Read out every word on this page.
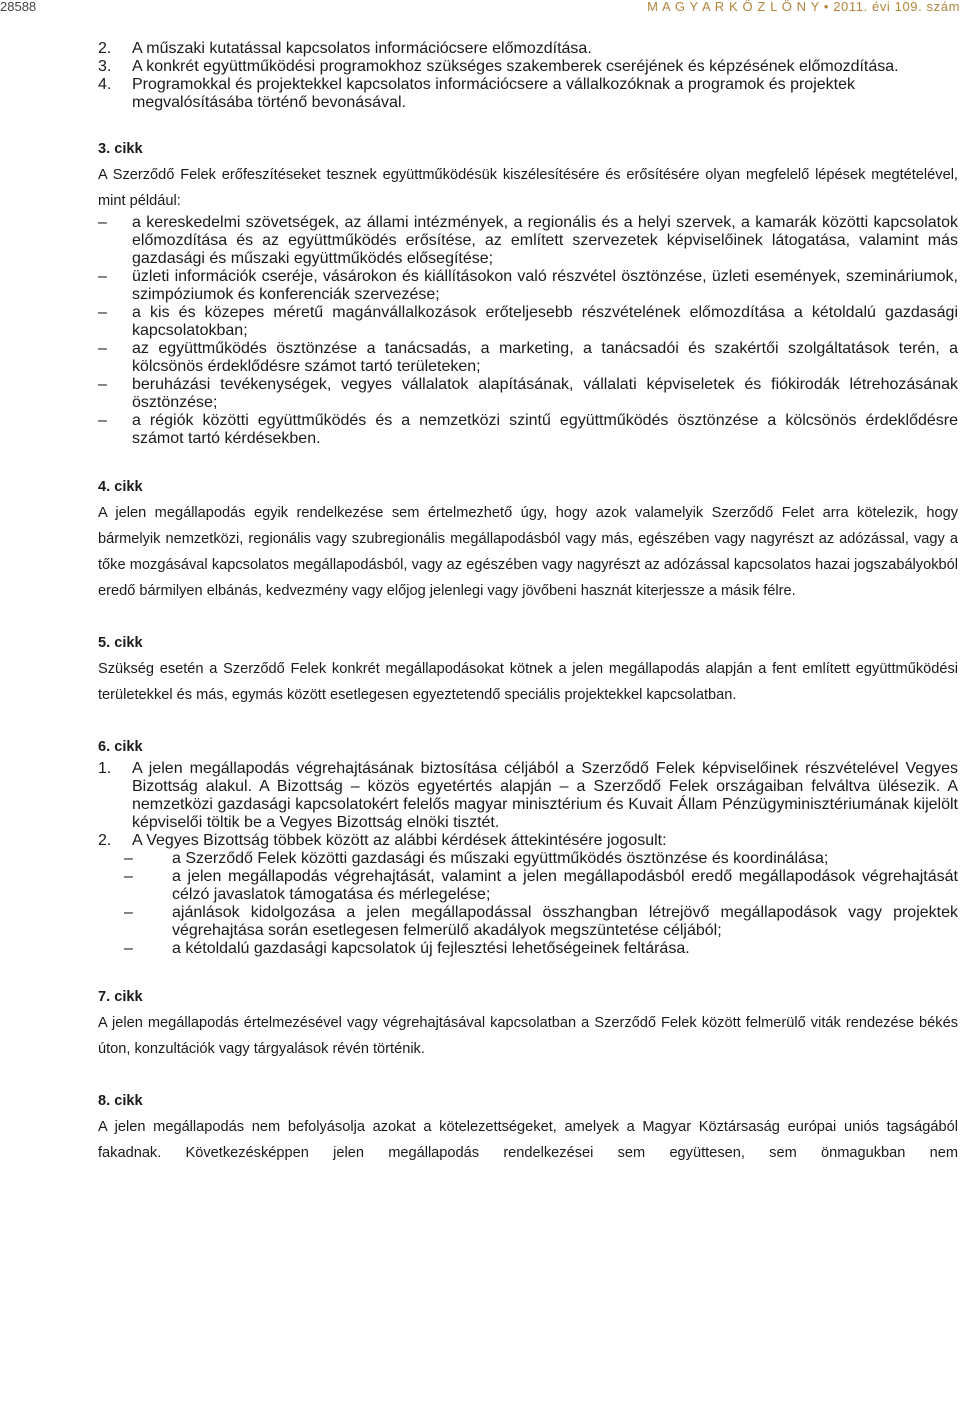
28588	M A G Y A R K Ö Z L Ö N Y • 2011. évi 109. szám
2.	A műszaki kutatással kapcsolatos információcsere előmozdítása.
3.	A konkrét együttműködési programokhoz szükséges szakemberek cseréjének és képzésének előmozdítása.
4.	Programokkal és projektekkel kapcsolatos információcsere a vállalkozóknak a programok és projektek megvalósításába történő bevonásával.

3. cikk

A Szerződő Felek erőfeszítéseket tesznek együttműködésük kiszélesítésére és erősítésére olyan megfelelő lépések megtételével, mint például:

–
a kereskedelmi szövetségek, az állami intézmények, a regionális és a helyi szervek, a kamarák közötti kapcsolatok előmozdítása és az együttműködés erősítése, az említett szervezetek képviselőinek látogatása, valamint más gazdasági és műszaki együttműködés elősegítése;
–
üzleti információk cseréje, vásárokon és kiállításokon való részvétel ösztönzése, üzleti események, szemináriumok, szimpóziumok és konferenciák szervezése;
–
a kis és közepes méretű magánvállalkozások erőteljesebb részvételének előmozdítása a kétoldalú gazdasági kapcsolatokban;
–
az együttműködés ösztönzése a tanácsadás, a marketing, a tanácsadói és szakértői szolgáltatások terén, a kölcsönös érdeklődésre számot tartó területeken;
–
beruházási tevékenységek, vegyes vállalatok alapításának, vállalati képviseletek és fiókirodák létrehozásának ösztönzése;
–
a régiók közötti együttműködés és a nemzetközi szintű együttműködés ösztönzése a kölcsönös érdeklődésre számot tartó kérdésekben.

4. cikk

A jelen megállapodás egyik rendelkezése sem értelmezhető úgy, hogy azok valamelyik Szerződő Felet arra kötelezik, hogy bármelyik nemzetközi, regionális vagy szubregionális megállapodásból vagy más, egészében vagy nagyrészt az adózással, vagy a tőke mozgásával kapcsolatos megállapodásból, vagy az egészében vagy nagyrészt az adózással kapcsolatos hazai jogszabályokból eredő bármilyen elbánás, kedvezmény vagy előjog jelenlegi vagy jövőbeni hasznát kiterjessze a másik félre.

5. cikk

Szükség esetén a Szerződő Felek konkrét megállapodásokat kötnek a jelen megállapodás alapján a fent említett együttműködési területekkel és más, egymás között esetlegesen egyeztetendő speciális projektekkel kapcsolatban.

6. cikk

1.	A jelen megállapodás végrehajtásának biztosítása céljából a Szerződő Felek képviselőinek részvételével Vegyes Bizottság alakul. A Bizottság – közös egyetértés alapján – a Szerződő Felek országaiban felváltva ülésezik. A nemzetközi gazdasági kapcsolatokért felelős magyar minisztérium és Kuvait Állam Pénzügyminisztériumának kijelölt képviselői töltik be a Vegyes Bizottság elnöki tisztét.
2.	A Vegyes Bizottság többek között az alábbi kérdések áttekintésére jogosult:
–
a Szerződő Felek közötti gazdasági és műszaki együttműködés ösztönzése és koordinálása;
–
a jelen megállapodás végrehajtását, valamint a jelen megállapodásból eredő megállapodások végrehajtását célzó javaslatok támogatása és mérlegelése;
–
ajánlások kidolgozása a jelen megállapodással összhangban létrejövő megállapodások vagy projektek végrehajtása során esetlegesen felmerülő akadályok megszüntetése céljából;
–
a kétoldalú gazdasági kapcsolatok új fejlesztési lehetőségeinek feltárása.

7. cikk

A jelen megállapodás értelmezésével vagy végrehajtásával kapcsolatban a Szerződő Felek között felmerülő viták rendezése békés úton, konzultációk vagy tárgyalások révén történik.

8. cikk

A jelen megállapodás nem befolyásolja azokat a kötelezettségeket, amelyek a Magyar Köztársaság európai uniós tagságából fakadnak. Következésképpen jelen megállapodás rendelkezései sem együttesen, sem önmagukban nem
